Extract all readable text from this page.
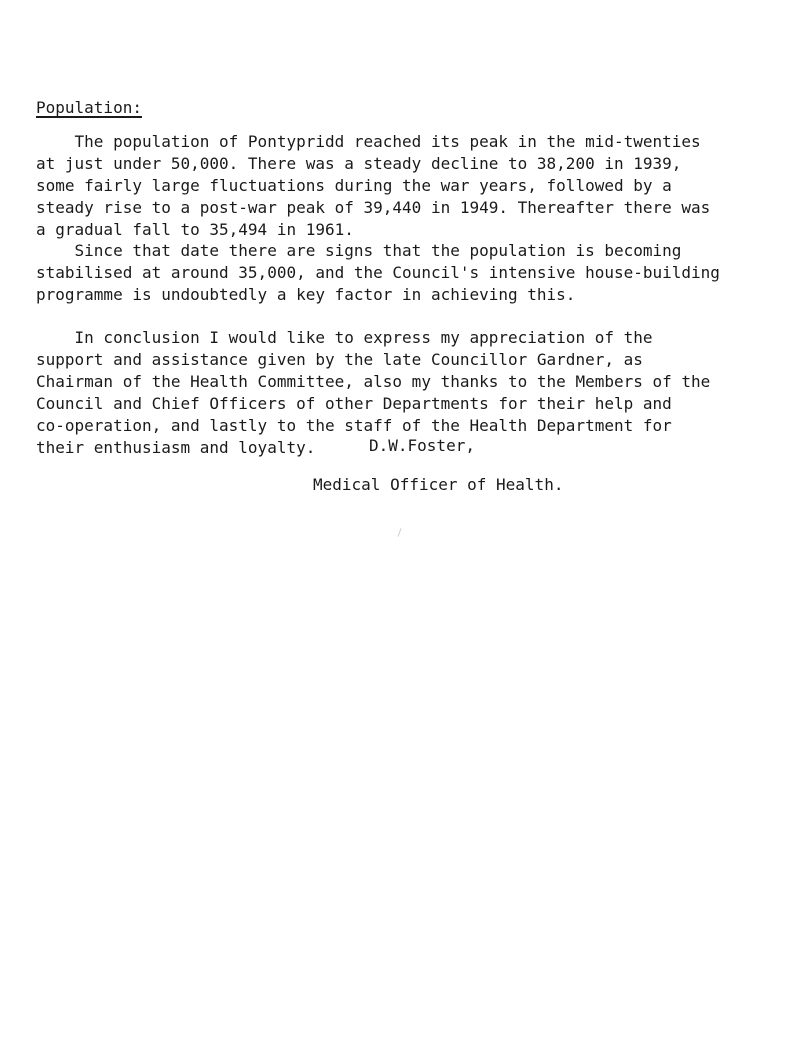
Population:

The population of Pontypridd reached its peak in the mid-twenties
at just under 50,000. There was a steady decline to 38,200 in 1939,
some fairly large fluctuations during the war years, followed by a
steady rise to a post-war peak of 39,440 in 1949. Thereafter there was
a gradual fall to 35,494 in 1961.

Since that date there are signs that the population is becoming
stabilised at around 35,000, and the Council's intensive house-building
programme is undoubtedly a key factor in achieving this.

In conclusion I would like to express my appreciation of the
support and assistance given by the late Councillor Gardner, as
Chairman of the Health Committee, also my thanks to the Members of the
Council and Chief Officers of other Departments for their help and
co-operation, and lastly to the staff of the Health Department for
their enthusiasm and loyalty.	D.W.Foster,
Medical Officer of Health.
